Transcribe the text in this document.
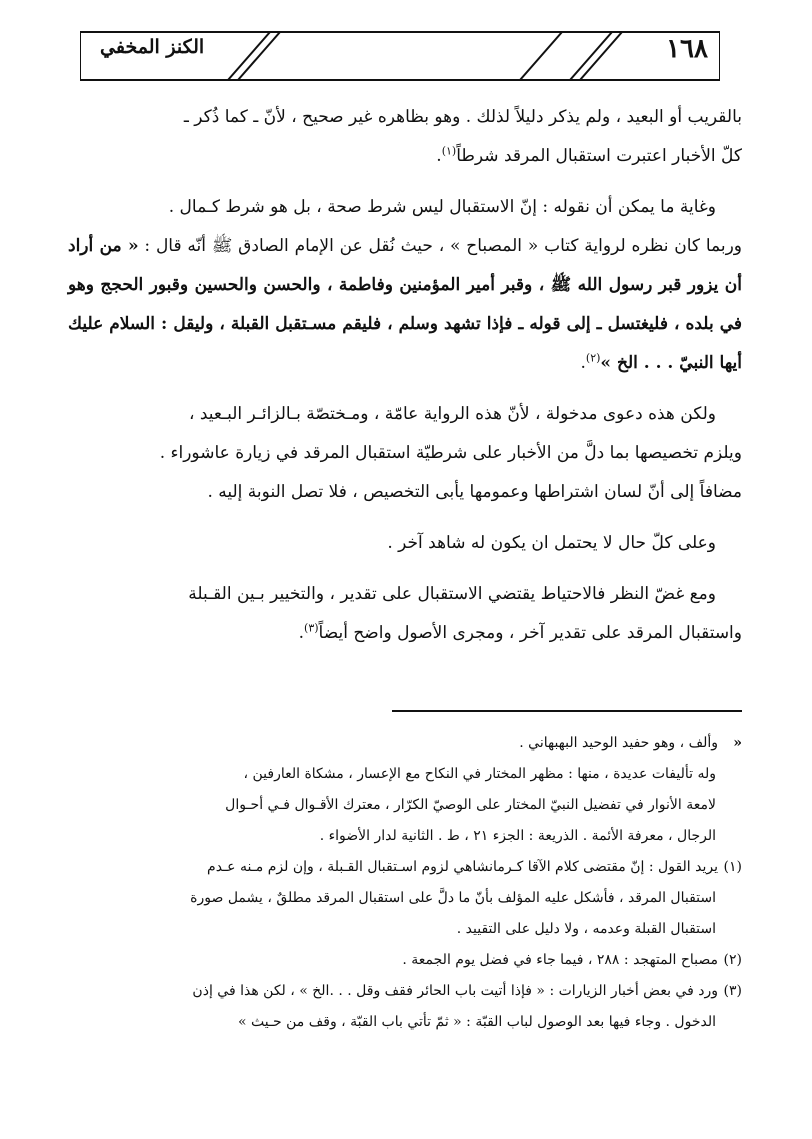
١٦٨
الكنز المخفي

بالقريب أو البعيد ، ولم يذكر دليلاً لذلك . وهو بظاهره غير صحيح ، لأنّ ـ كما ذُكر ـ
كلّ الأخبار اعتبرت استقبال المرقد شرطاً$^{(١)}$.

وغاية ما يمكن أن نقوله : إنّ الاستقبال ليس شرط صحة ، بل هو شرط كـمال .
وربما كان نظره لرواية كتاب « المصباح » ، حيث نُقل عن الإمام الصادق ﷺ أنّه قال : « من أراد أن يزور قبر رسول الله ﷺ ، وقبر أمير المؤمنين وفاطمة ، والحسن والحسين وقبور الحجج وهو في بلده ، فليغتسل ـ إلى قوله ـ فإذا تشهد وسلم ، فليقم مسـتقبل القبلة ، وليقل : السلام عليك أيها النبيّ . . . الخ »$^{(٢)}$.

ولكن هذه دعوى مدخولة ، لأنّ هذه الرواية عامّة ، ومـختصّة بـالزائـر البـعيد ،
ويلزم تخصيصها بما دلَّ من الأخبار على شرطيّة استقبال المرقد في زيارة عاشوراء .
مضافاً إلى أنّ لسان اشتراطها وعمومها يأبى التخصيص ، فلا تصل النوبة إليه .

وعلى كلّ حال لا يحتمل ان يكون له شاهد آخر .

ومع غضّ النظر فالاحتياط يقتضي الاستقبال على تقدير ، والتخيير بـين القـبلة
واستقبال المرقد على تقدير آخر ، ومجرى الأصول واضح أيضاً$^{(٣)}$.

«وألف ، وهو حفيد الوحيد البهبهاني .

وله تأليفات عديدة ، منها : مظهر المختار في النكاح مع الإعسار ، مشكاة العارفين ،
لامعة الأنوار في تفضيل النبيّ المختار على الوصيّ الكرّار ، معترك الأقـوال فـي أحـوال
الرجال ، معرفة الأئمة . الذريعة : الجزء ٢١ ، ط . الثانية لدار الأضواء .

(١)يريد القول : إنّ مقتضى كلام الآقا كـرمانشاهي لزوم اسـتقبال القـبلة ، وإن لزم مـنه عـدم

استقبال المرقد ، فأشكل عليه المؤلف بأنّ ما دلَّ على استقبال المرقد مطلقٌ ، يشمل صورة
استقبال القبلة وعدمه ، ولا دليل على التقييد .

(٢)مصباح المتهجد : ٢٨٨ ، فيما جاء في فضل يوم الجمعة .

(٣)ورد في بعض أخبار الزيارات : « فإذا أتيت باب الحائر فقف وقل . . .الخ » ، لكن هذا في إذن

الدخول . وجاء فيها بعد الوصول لباب القبّة : « ثمّ تأتي باب القبّة ، وقف من حـيث »
